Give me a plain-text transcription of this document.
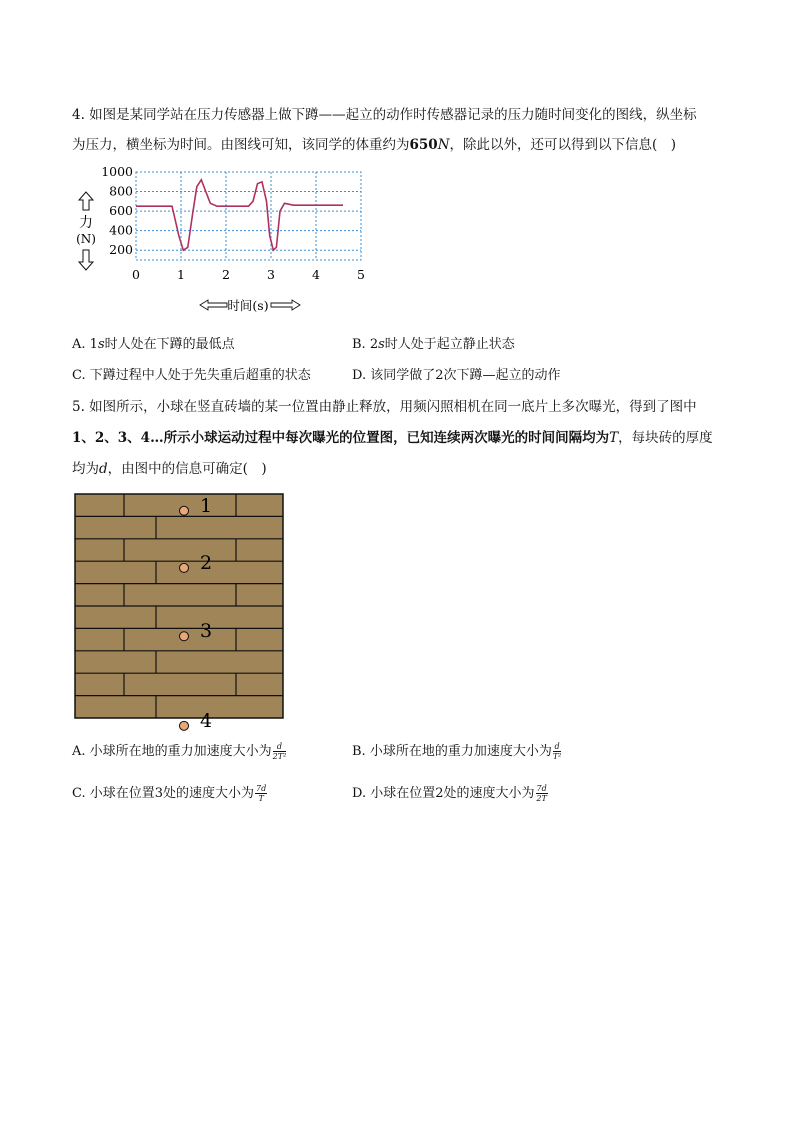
4. 如图是某同学站在压力传感器上做下蹲——起立的动作时传感器记录的压力随时间变化的图线，纵坐标
为压力，横坐标为时间。由图线可知，该同学的体重约为650N，除此以外，还可以得到以下信息(　)
1000
800
600
400
200
0	1	2	3	4	5
力
(N)
时间(s)
A. 1s时人处在下蹲的最低点	B. 2s时人处于起立静止状态
C. 下蹲过程中人处于先失重后超重的状态	D. 该同学做了2次下蹲—起立的动作
5. 如图所示，小球在竖直砖墙的某一位置由静止释放，用频闪照相机在同一底片上多次曝光，得到了图中
1、2、3、4…所示小球运动过程中每次曝光的位置图，已知连续两次曝光的时间间隔均为T，每块砖的厚度
均为d，由图中的信息可确定(　)
1
2
3
4
A. 小球所在地的重力加速度大小为 $\frac{d}{\text{2T²}}$	B. 小球所在地的重力加速度大小为 $\frac{d}{\text{T²}}$
C. 小球在位置3处的速度大小为 $\frac{7d}{T}$	D. 小球在位置2处的速度大小为 $\frac{7d}{2T}$
